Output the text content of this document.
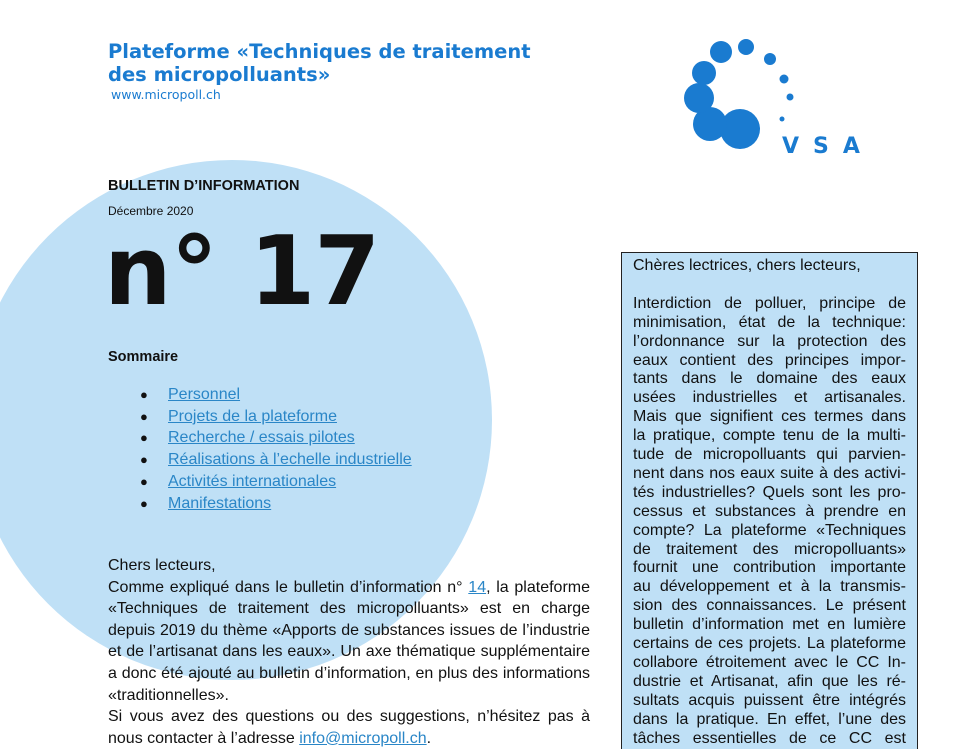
Plateforme «Techniques de traitement
des micropolluants»
www.micropoll.ch
VSA
BULLETIN D’INFORMATION
Décembre 2020
n° 17
Sommaire
● Personnel
● Projets de la plateforme
● Recherche / essais pilotes
● Réalisations à l’echelle industrielle
● Activités internationales
● Manifestations

Chers lecteurs,

Comme expliqué dans le bulletin d’information n° 14, la plateforme «Techniques de traitement des micropolluants» est en charge depuis 2019 du thème «Apports de substances issues de l’industrie et de l’artisanat dans les eaux». Un axe thématique supplémentaire a donc été ajouté au bulletin d’information, en plus des informations «traditionnelles».

Si vous avez des questions ou des suggestions, n’hésitez pas à nous contacter à l’adresse info@micropoll.ch.

Chères lectrices, chers lecteurs,

Interdiction de polluer, principe de
minimisation, état de la technique:
l’ordonnance sur la protection des
eaux contient des principes impor-
tants dans le domaine des eaux
usées industrielles et artisanales.
Mais que signifient ces termes dans
la pratique, compte tenu de la multi-
tude de micropolluants qui parvien-
nent dans nos eaux suite à des activi-
tés industrielles? Quels sont les pro-
cessus et substances à prendre en
compte? La plateforme «Techniques
de traitement des micropolluants»
fournit une contribution importante
au développement et à la transmis-
sion des connaissances. Le présent
bulletin d’information met en lumière
certains de ces projets. La plateforme
collabore étroitement avec le CC In-
dustrie et Artisanat, afin que les ré-
sultats acquis puissent être intégrés
dans la pratique. En effet, l’une des
tâches essentielles de ce CC est
